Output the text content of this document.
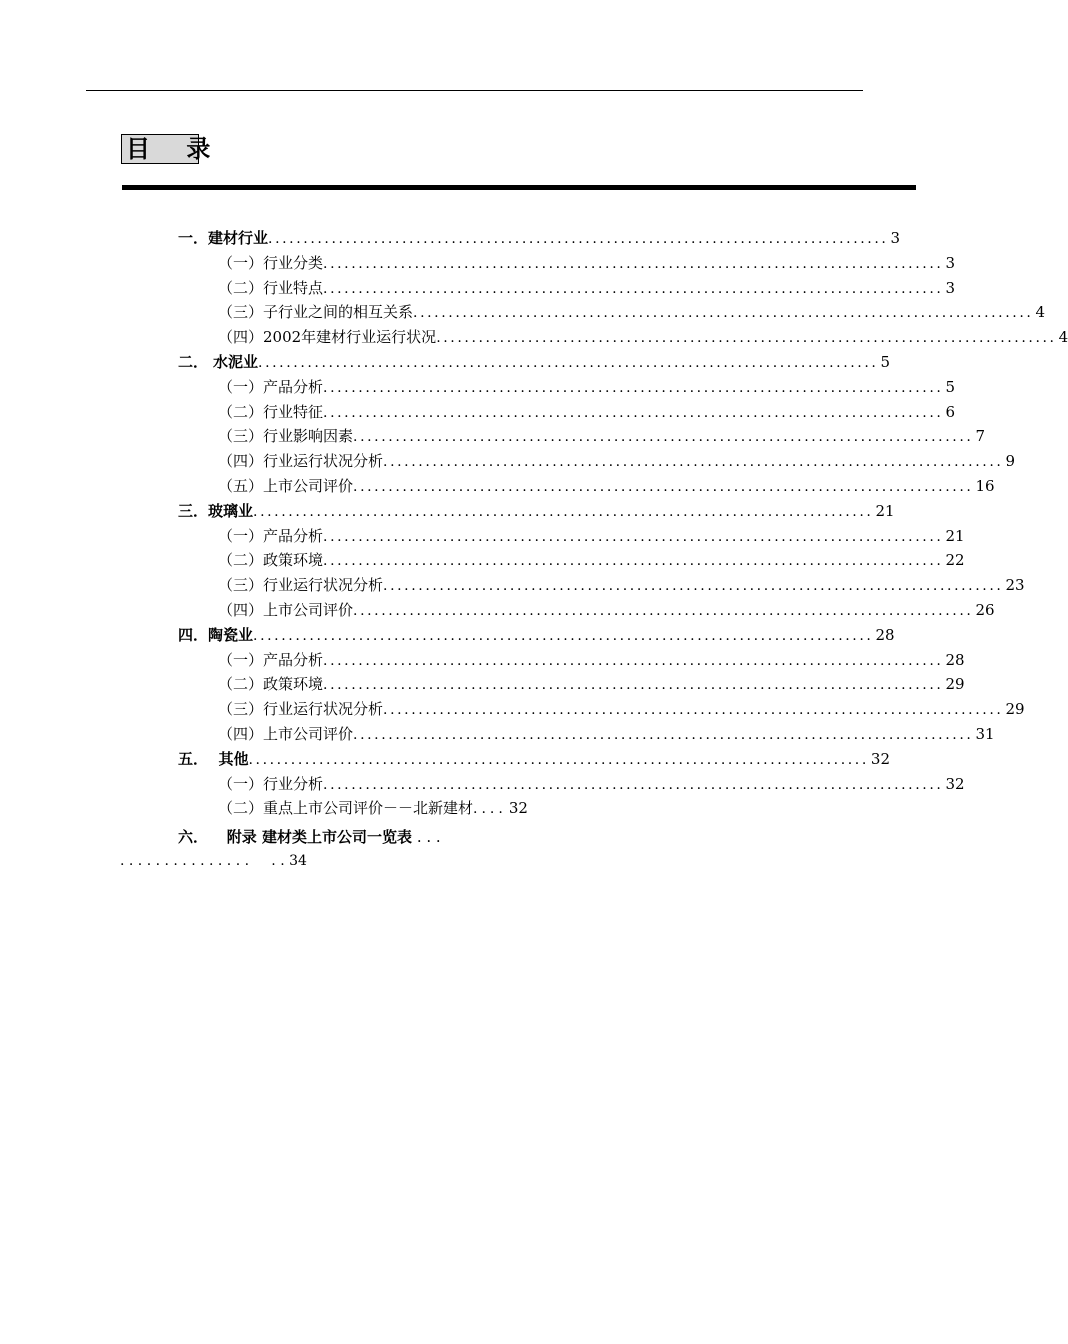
目 录
一． 建材行业 ........................................................................................ 3
（一）行业分类 ........................................................................................ 3
（二）行业特点 ........................................................................................ 3
（三）子行业之间的相互关系 ........................................................................................ 4
（四）2002年建材行业运行状况 ........................................................................................ 4
二． 水泥业 ........................................................................................ 5
（一）产品分析 ........................................................................................ 5
（二）行业特征 ........................................................................................ 6
（三）行业影响因素 ........................................................................................ 7
（四）行业运行状况分析 ........................................................................................ 9
（五）上市公司评价 ........................................................................................ 16
三． 玻璃业 ........................................................................................ 21
（一）产品分析 ........................................................................................ 21
（二）政策环境 ........................................................................................ 22
（三）行业运行状况分析 ........................................................................................ 23
（四）上市公司评价 ........................................................................................ 26
四． 陶瓷业 ........................................................................................ 28
（一）产品分析 ........................................................................................ 28
（二）政策环境 ........................................................................................ 29
（三）行业运行状况分析 ........................................................................................ 29
（四）上市公司评价 ........................................................................................ 31
五． 其他 ........................................................................................ 32
（一）行业分析 ........................................................................................ 32
（二）重点上市公司评价－－北新建材 .... 32
六． 附录 建材类上市公司一览表 . . .
. . . . . . . . . . . . . . .     . . 34
